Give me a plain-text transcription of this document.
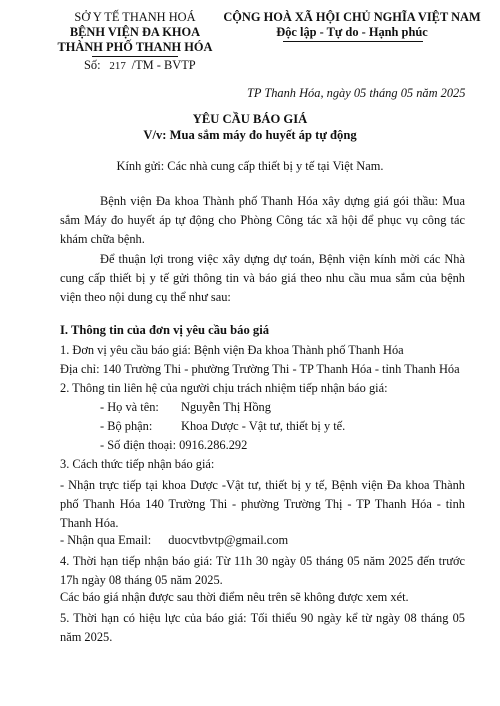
SỞ Y TẾ THANH HOÁ
BỆNH VIỆN ĐA KHOA
THÀNH PHỐ THANH HÓA
Số: 217 /TM - BVTP
CỘNG HOÀ XÃ HỘI CHỦ NGHĨA VIỆT NAM
Độc lập - Tự do - Hạnh phúc
TP Thanh Hóa, ngày 05 tháng 05 năm 2025
YÊU CẦU BÁO GIÁ
V/v: Mua sắm máy đo huyết áp tự động
Kính gửi: Các nhà cung cấp thiết bị y tế tại Việt Nam.
Bệnh viện Đa khoa Thành phố Thanh Hóa xây dựng giá gói thầu: Mua sắm Máy đo huyết áp tự động cho Phòng Công tác xã hội để phục vụ công tác khám chữa bệnh.
Để thuận lợi trong việc xây dựng dự toán, Bệnh viện kính mời các Nhà cung cấp thiết bị y tế gửi thông tin và báo giá theo nhu cầu mua sắm của bệnh viện theo nội dung cụ thể như sau:
I. Thông tin của đơn vị yêu cầu báo giá
1. Đơn vị yêu cầu báo giá: Bệnh viện Đa khoa Thành phố Thanh Hóa
Địa chỉ: 140 Trường Thi - phường Trường Thi - TP Thanh Hóa - tỉnh Thanh Hóa
2. Thông tin liên hệ của người chịu trách nhiệm tiếp nhận báo giá:
- Họ và tên: Nguyễn Thị Hồng
- Bộ phận: Khoa Dược - Vật tư, thiết bị y tế.
- Số điện thoại: 0916.286.292
3. Cách thức tiếp nhận báo giá:
- Nhận trực tiếp tại khoa Dược -Vật tư, thiết bị y tế, Bệnh viện Đa khoa Thành phố Thanh Hóa 140 Trường Thi - phường Trường Thị - TP Thanh Hóa - tỉnh Thanh Hóa.
- Nhận qua Email: duocvtbvtp@gmail.com
4. Thời hạn tiếp nhận báo giá: Từ 11h 30 ngày 05 tháng 05 năm 2025 đến trước 17h ngày 08 tháng 05 năm 2025.
Các báo giá nhận được sau thời điểm nêu trên sẽ không được xem xét.
5. Thời hạn có hiệu lực của báo giá: Tối thiểu 90 ngày kể từ ngày 08 tháng 05 năm 2025.
